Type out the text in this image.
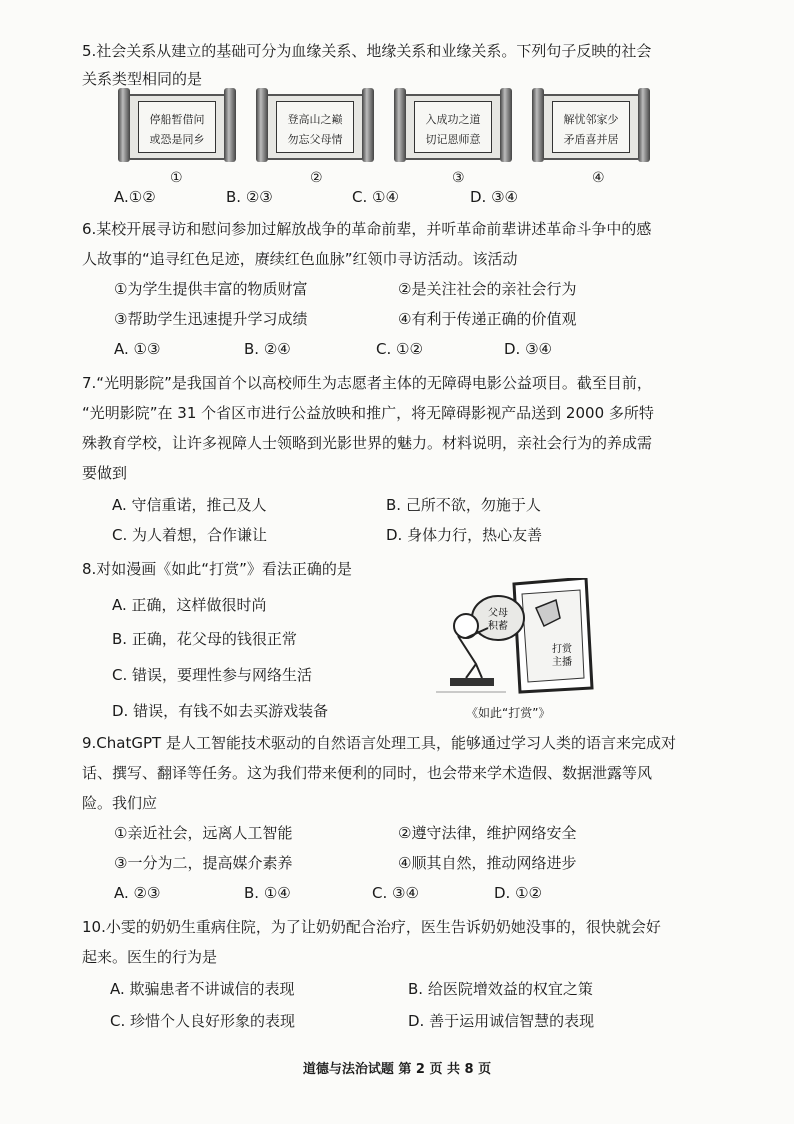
5.社会关系从建立的基础可分为血缘关系、地缘关系和业缘关系。下列句子反映的社会
关系类型相同的是
停船暂借问
或恐是同乡
登高山之巅
勿忘父母情
入成功之道
切记恩师意
解忧邻家少
矛盾喜并居
①	②	③	④
A.①②	B. ②③	C. ①④	D. ③④
6.某校开展寻访和慰问参加过解放战争的革命前辈，并听革命前辈讲述革命斗争中的感
人故事的“追寻红色足迹，赓续红色血脉”红领巾寻访活动。该活动
①为学生提供丰富的物质财富	②是关注社会的亲社会行为
③帮助学生迅速提升学习成绩	④有利于传递正确的价值观
A. ①③	B. ②④	C. ①②	D. ③④
7.“光明影院”是我国首个以高校师生为志愿者主体的无障碍电影公益项目。截至目前，
“光明影院”在 31 个省区市进行公益放映和推广，将无障碍影视产品送到 2000 多所特
殊教育学校，让许多视障人士领略到光影世界的魅力。材料说明，亲社会行为的养成需
要做到
A. 守信重诺，推己及人	B. 己所不欲，勿施于人
C. 为人着想，合作谦让	D. 身体力行，热心友善
8.对如漫画《如此“打赏”》看法正确的是
A. 正确，这样做很时尚
B. 正确，花父母的钱很正常
C. 错误，要理性参与网络生活
D. 错误，有钱不如去买游戏装备
父母
积蓄
打赏
主播
《如此“打赏”》
9.ChatGPT 是人工智能技术驱动的自然语言处理工具，能够通过学习人类的语言来完成对
话、撰写、翻译等任务。这为我们带来便利的同时，也会带来学术造假、数据泄露等风
险。我们应
①亲近社会，远离人工智能	②遵守法律，维护网络安全
③一分为二，提高媒介素养	④顺其自然，推动网络进步
A. ②③	B. ①④	C. ③④	D. ①②
10.小雯的奶奶生重病住院，为了让奶奶配合治疗，医生告诉奶奶她没事的，很快就会好
起来。医生的行为是
A. 欺骗患者不讲诚信的表现	B. 给医院增效益的权宜之策
C. 珍惜个人良好形象的表现	D. 善于运用诚信智慧的表现
道德与法治试题 第 2 页 共 8 页
